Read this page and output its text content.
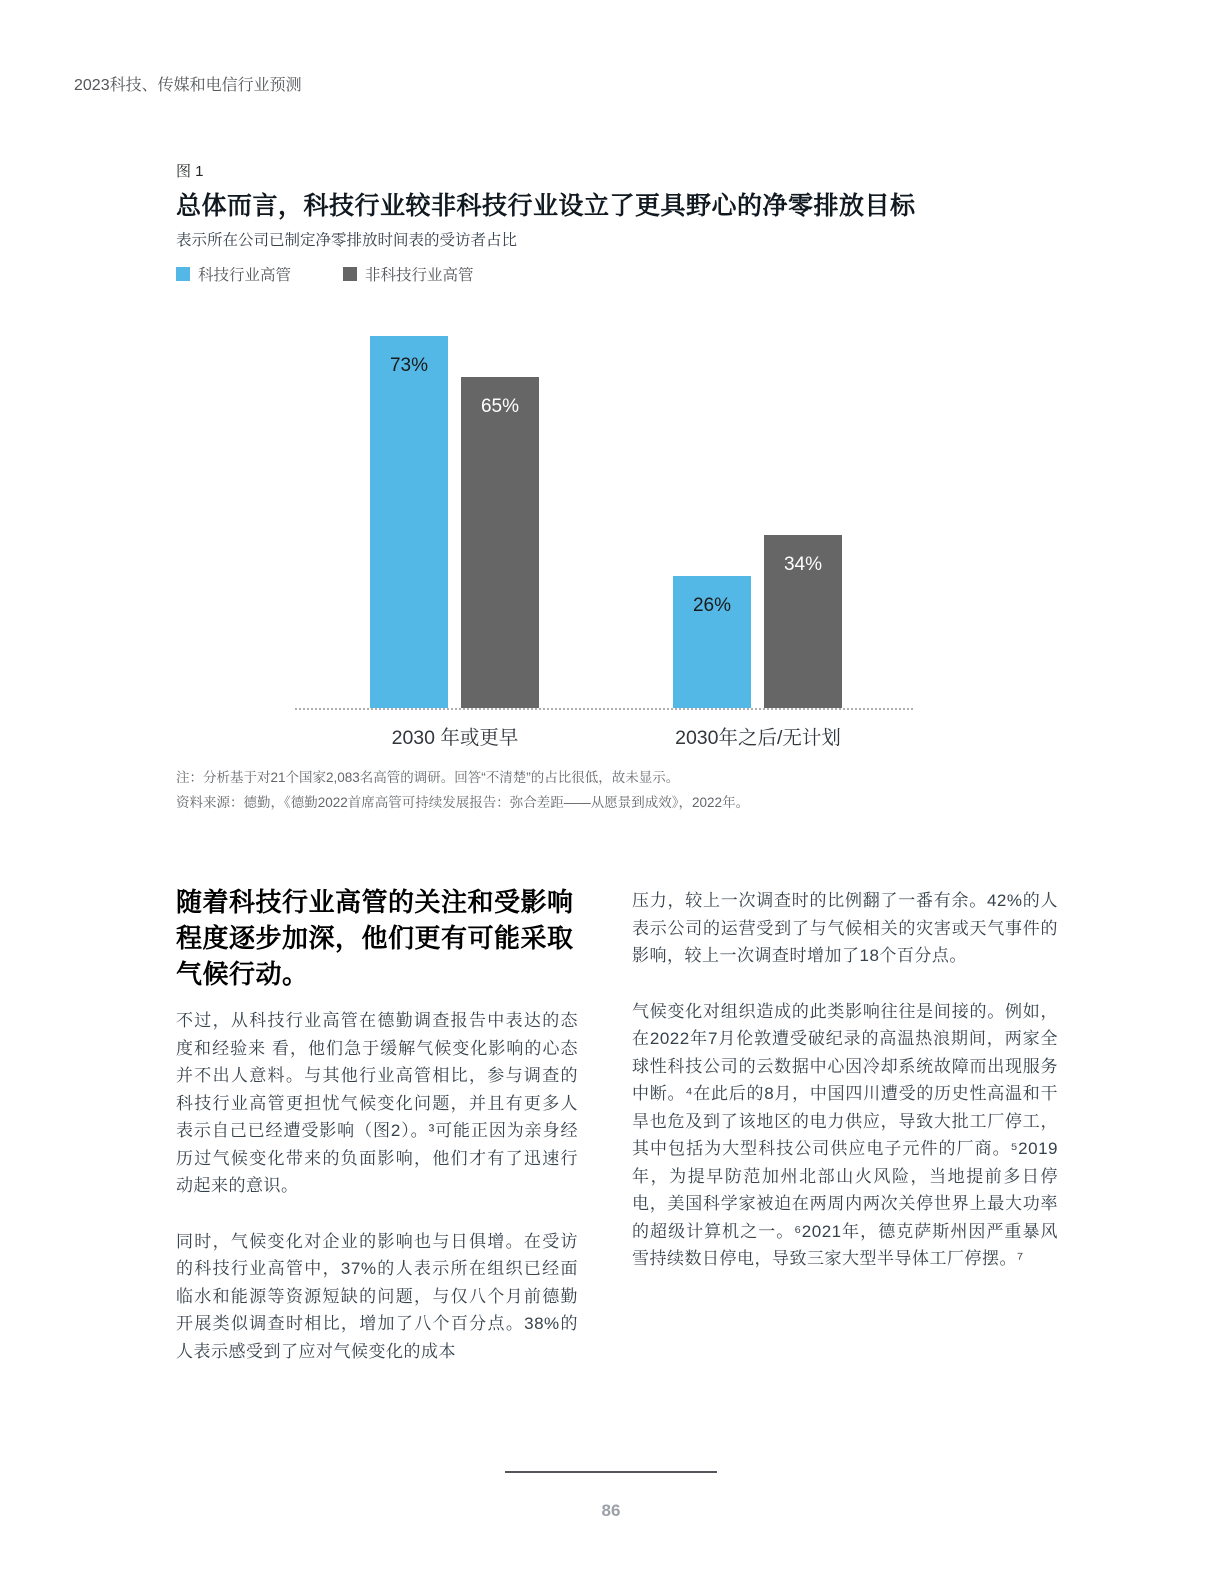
2023科技、传媒和电信行业预测
图 1
总体而言，科技行业较非科技行业设立了更具野心的净零排放目标
表示所在公司已制定净零排放时间表的受访者占比
科技行业高管	非科技行业高管
73%
65%
26%
34%
2030 年或更早	2030年之后/无计划
注：分析基于对21个国家2,083名高管的调研。回答“不清楚”的占比很低，故未显示。
资料来源：德勤，《德勤2022首席高管可持续发展报告：弥合差距——从愿景到成效》，2022年。
随着科技行业高管的关注和受影响程度逐步加深，他们更有可能采取气候行动。

不过，从科技行业高管在德勤调查报告中表达的态度和经验来 看，他们急于缓解气候变化影响的心态并不出人意料。与其他行业高管相比，参与调查的科技行业高管更担忧气候变化问题，并且有更多人表示自己已经遭受影响（图2）。³可能正因为亲身经历过气候变化带来的负面影响，他们才有了迅速行动起来的意识。

同时，气候变化对企业的影响也与日俱增。在受访的科技行业高管中，37%的人表示所在组织已经面临水和能源等资源短缺的问题，与仅八个月前德勤开展类似调查时相比，增加了八个百分点。38%的人表示感受到了应对气候变化的成本

压力，较上一次调查时的比例翻了一番有余。42%的人表示公司的运营受到了与气候相关的灾害或天气事件的影响，较上一次调查时增加了18个百分点。

气候变化对组织造成的此类影响往往是间接的。例如，在2022年7月伦敦遭受破纪录的高温热浪期间，两家全球性科技公司的云数据中心因冷却系统故障而出现服务中断。⁴在此后的8月，中国四川遭受的历史性高温和干旱也危及到了该地区的电力供应，导致大批工厂停工，其中包括为大型科技公司供应电子元件的厂商。⁵2019年，为提早防范加州北部山火风险，当地提前多日停电，美国科学家被迫在两周内两次关停世界上最大功率的超级计算机之一。⁶2021年，德克萨斯州因严重暴风雪持续数日停电，导致三家大型半导体工厂停摆。⁷

86
